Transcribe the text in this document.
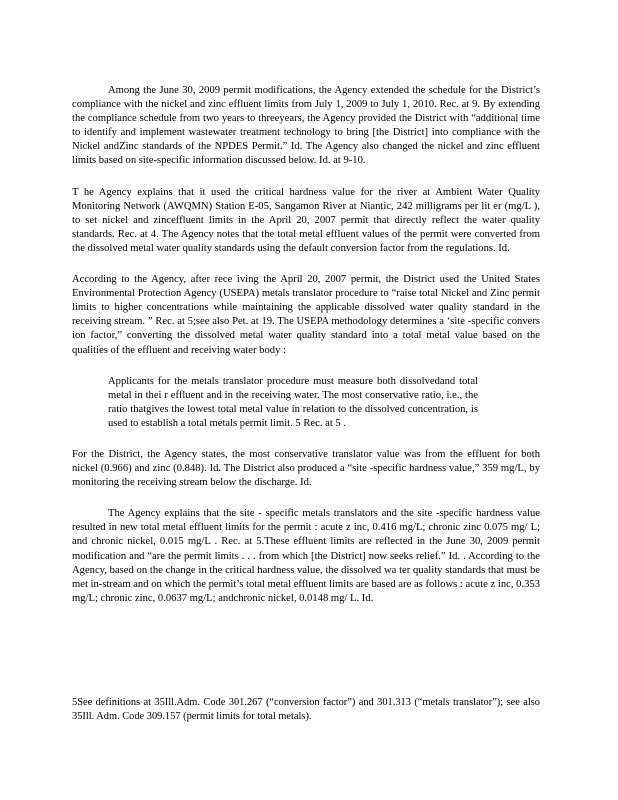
Among the June 30, 2009 permit modifications, the Agency extended the schedule for the District’s compliance with the nickel and zinc effluent limits from July 1, 2009 to July 1, 2010. Rec. at 9. By extending the compliance schedule from two years to threeyears, the Agency provided the District with “additional time to identify and implement wastewater treatment technology to bring [the District] into compliance with the Nickel andZinc standards of the NPDES Permit.” Id. The Agency also changed the nickel and zinc effluent limits based on site-specific information discussed below. Id. at 9-10.

T he Agency explains that it used the critical hardness value for the river at Ambient Water Quality Monitoring Network (AWQMN) Station E-05, Sangamon River at Niantic, 242 milligrams per lit er (mg/L ), to set nickel and zinceffluent limits in the April 20, 2007 permit that directly reflect the water quality standards. Rec. at 4. The Agency notes that the total metal effluent values of the permit were converted from the dissolved metal water quality standards using the default conversion factor from the regulations. Id.

According to the Agency, after rece iving the April 20, 2007 permit, the District used the United States Environmental Protection Agency (USEPA) metals translator procedure to “raise total Nickel and Zinc permit limits to higher concentrations while maintaining the applicable dissolved water quality standard in the receiving stream. ” Rec. at 5;see also Pet. at 19. The USEPA methodology determines a ‘site -specific convers ion factor,” converting the dissolved metal water quality standard into a total metal value based on the qualities of the effluent and receiving water body :

Applicants for the metals translator procedure must measure both dissolvedand total metal in thei r effluent and in the receiving water. The most conservative ratio, i.e., the ratio thatgives the lowest total metal value in relation to the dissolved concentration, is used to establish a total metals permit limit. 5 Rec. at 5 .

For the District, the Agency states, the most conservative translator value was from the effluent for both nickel (0.966) and zinc (0.848). Id. The District also produced a “site -specific hardness value,” 359 mg/L, by monitoring the receiving stream below the discharge. Id.

The Agency explains that the site - specific metals translators and the site -specific hardness value resulted in new total metal effluent limits for the permit : acute z inc, 0.416 mg/L; chronic zinc 0.075 mg/ L; and chronic nickel, 0.015 mg/L . Rec. at 5.These effluent limits are reflected in the June 30, 2009 permit modification and “are the permit limits . . . from which [the District] now seeks relief.” Id. . According to the Agency, based on the change in the critical hardness value, the dissolved wa ter quality standards that must be met in-stream and on which the permit’s total metal effluent limits are based are as follows : acute z inc, 0.353 mg/L; chronic zinc, 0.0637 mg/L; andchronic nickel, 0.0148 mg/ L. Id.

5See definitions at 35Ill.Adm. Code 301.267 (“conversion factor”) and 301.313 (“metals translator”); see also 35Ill. Adm. Code 309.157 (permit limits for total metals).
